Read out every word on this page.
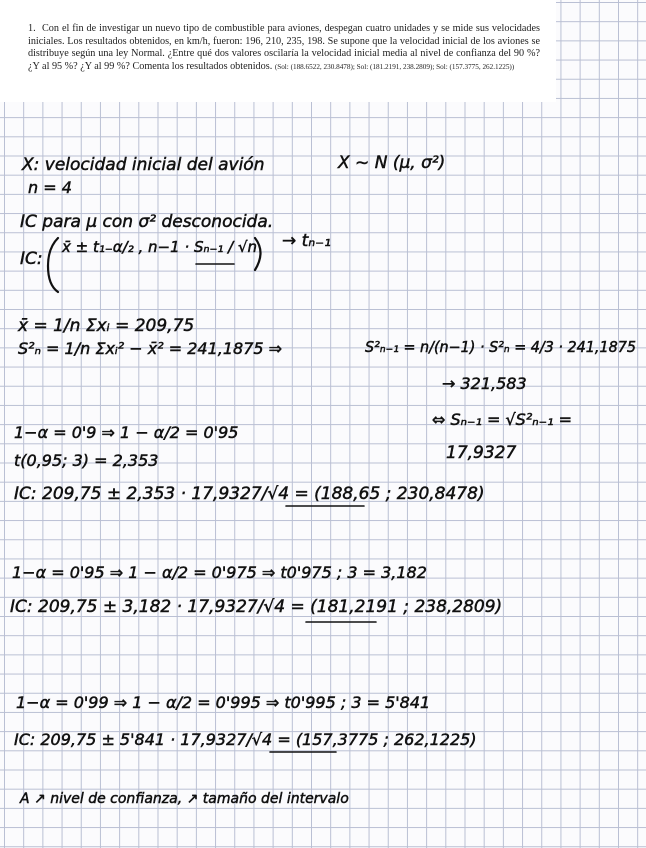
1. Con el fin de investigar un nuevo tipo de combustible para aviones, despegan cuatro unidades y se mide sus velocidades iniciales. Los resultados obtenidos, en km/h, fueron: 196, 210, 235, 198. Se supone que la velocidad inicial de los aviones se distribuye según una ley Normal. ¿Entre qué dos valores oscilaría la velocidad inicial media al nivel de confianza del 90 %? ¿Y al 95 %? ¿Y al 99 %? Comenta los resultados obtenidos. (Sol: (188.6522, 230.8478); Sol: (181.2191, 238.2809); Sol: (157.3775, 262.1225))

X: velocidad inicial del avión	X ~ N (μ, σ²)
n = 4
IC para μ con σ² desconocida.
IC:
x̄ ± t₁₋α/₂ , n−1 · Sₙ₋₁ / √n → tₙ₋₁
x̄ = 1/n Σxᵢ = 209,75
S²ₙ = 1/n Σxᵢ² − x̄² = 241,1875 ⇒	S²ₙ₋₁ = n/(n−1) · S²ₙ = 4/3 · 241,1875
→ 321,583
⇔ Sₙ₋₁ = √S²ₙ₋₁ =
17,9327
1−α = 0'9 ⇒ 1 − α/2 = 0'95
t(0,95; 3) = 2,353
IC: 209,75 ± 2,353 · 17,9327/√4 = (188,65 ; 230,8478)
1−α = 0'95 ⇒ 1 − α/2 = 0'975 ⇒ t0'975 ; 3 = 3,182
IC: 209,75 ± 3,182 · 17,9327/√4 = (181,2191 ; 238,2809)
1−α = 0'99 ⇒ 1 − α/2 = 0'995 ⇒ t0'995 ; 3 = 5'841
IC: 209,75 ± 5'841 · 17,9327/√4 = (157,3775 ; 262,1225)
A ↗ nivel de confianza, ↗ tamaño del intervalo
